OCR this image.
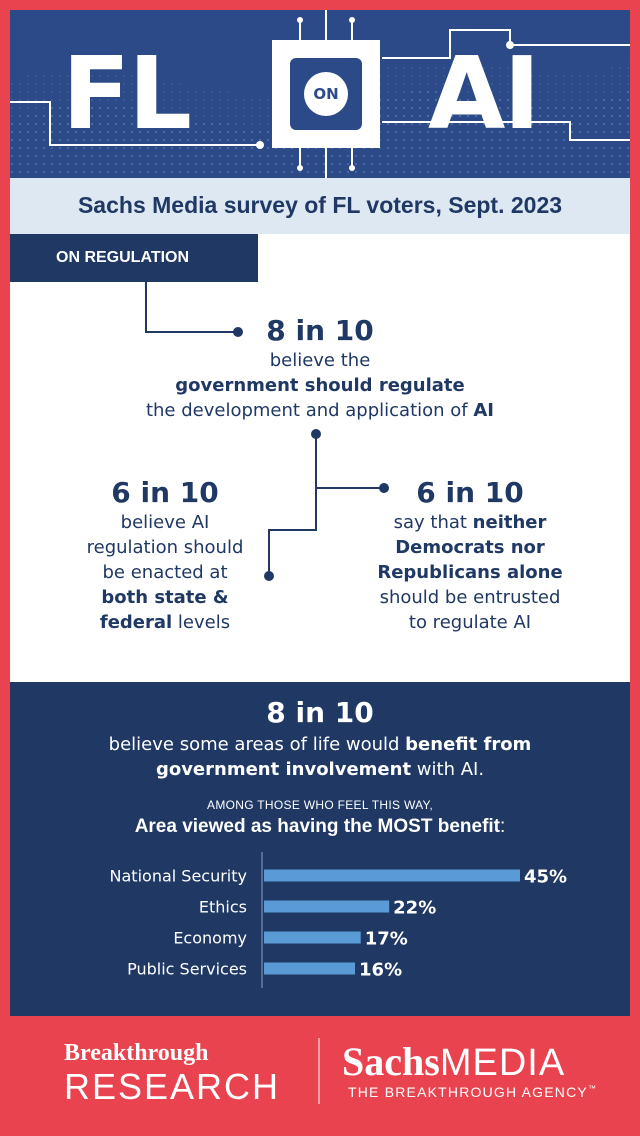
FL	ON AI
Sachs Media survey of FL voters, Sept. 2023
ON REGULATION
8 in 10
believe the
government should regulate
the development and application of AI
6 in 10
believe AI
regulation should
be enacted at
both state &
federal levels
6 in 10
say that neither
Democrats nor
Republicans alone
should be entrusted
to regulate AI
8 in 10
believe some areas of life would benefit from
government involvement with AI.
AMONG THOSE WHO FEEL THIS WAY,
Area viewed as having the MOST benefit:
National Security	45%
Ethics	22%
Economy	17%
Public Services	16%
Breakthrough
RESEARCH
SachsMEDIA
THE BREAKTHROUGH AGENCY™
